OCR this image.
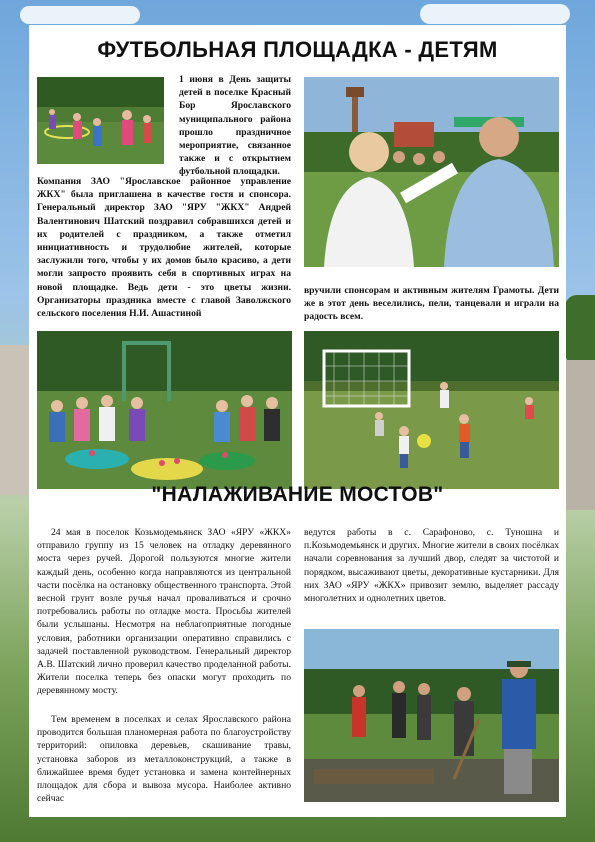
ФУТБОЛЬНАЯ ПЛОЩАДКА - ДЕТЯМ

1 июня в День защиты детей в поселке Красный Бор Ярославского муниципального района прошло праздничное мероприятие, связанное также и с открытием футбольной площадки.

Компания ЗАО "Ярославское районное управление ЖКХ" была приглашена в качестве гостя и спонсора. Генеральный директор ЗАО "ЯРУ "ЖКХ" Андрей Валентинович Шатский поздравил собравшихся детей и их родителей с праздником, а также отметил инициативность и трудолюбие жителей, которые заслужили того, чтобы у их домов было красиво, а дети могли запросто проявить себя в спортивных играх на новой площадке. Ведь дети - это цветы жизни. Организаторы праздника вместе с главой Заволжского сельского поселения Н.И. Ашастиной

вручили спонсорам и активным жителям Грамоты. Дети же в этот день веселились, пели, танцевали и играли на радость всем.

"НАЛАЖИВАНИЕ МОСТОВ"

24 мая в поселок Козьмодемьянск ЗАО «ЯРУ «ЖКХ» отправило группу из 15 человек на отладку деревянного моста через ручей. Дорогой пользуются многие жители каждый день, особенно когда направляются из центральной части посёлка на остановку общественного транспорта. Этой весной грунт возле ручья начал проваливаться и срочно потребовались работы по отладке моста. Просьбы жителей были услышаны. Несмотря на неблагоприятные погодные условия, работники организации оперативно справились с задачей поставленной руководством. Генеральный директор А.В. Шатский лично проверил качество проделанной работы. Жители поселка теперь без опаски могут проходить по деревянному мосту.

Тем временем в поселках и селах Ярославского района проводится большая планомерная работа по благоустройству территорий: опиловка деревьев, скашивание травы, установка заборов из металлоконструкций, а также в ближайшее время будет установка и замена контейнерных площадок для сбора и вывоза мусора. Наиболее активно сейчас

ведутся работы в с. Сарафоново, с. Туношна и п.Козьмодемьянск и других. Многие жители в своих посёлках начали соревнования за лучший двор, следят за чистотой и порядком, высаживают цветы, декоративные кустарники. Для них ЗАО «ЯРУ «ЖКХ» привозит землю, выделяет рассаду многолетних и однолетних цветов.
